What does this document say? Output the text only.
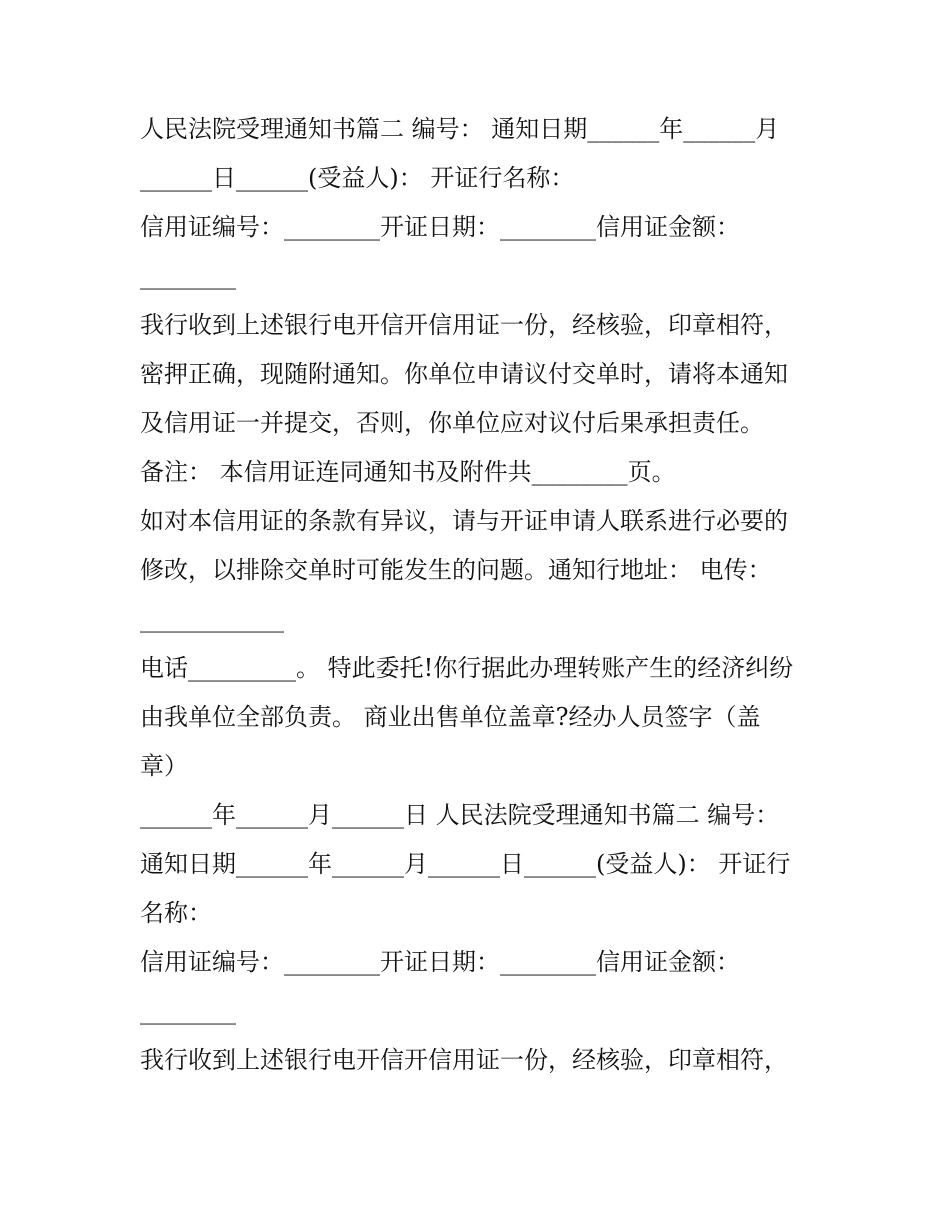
人民法院受理通知书篇二 编号： 通知日期______年______月
______日______(受益人)： 开证行名称：
信用证编号：________开证日期：________信用证金额：
________
我行收到上述银行电开信开信用证一份，经核验，印章相符，
密押正确，现随附通知。你单位申请议付交单时，请将本通知
及信用证一并提交，否则，你单位应对议付后果承担责任。
备注： 本信用证连同通知书及附件共________页。
如对本信用证的条款有异议，请与开证申请人联系进行必要的
修改，以排除交单时可能发生的问题。通知行地址： 电传：
____________
电话_________。 特此委托!你行据此办理转账产生的经济纠纷
由我单位全部负责。 商业出售单位盖章?经办人员签字（盖
章）
______年______月______日 人民法院受理通知书篇二 编号：
通知日期______年______月______日______(受益人)： 开证行
名称：
信用证编号：________开证日期：________信用证金额：
________
我行收到上述银行电开信开信用证一份，经核验，印章相符，
